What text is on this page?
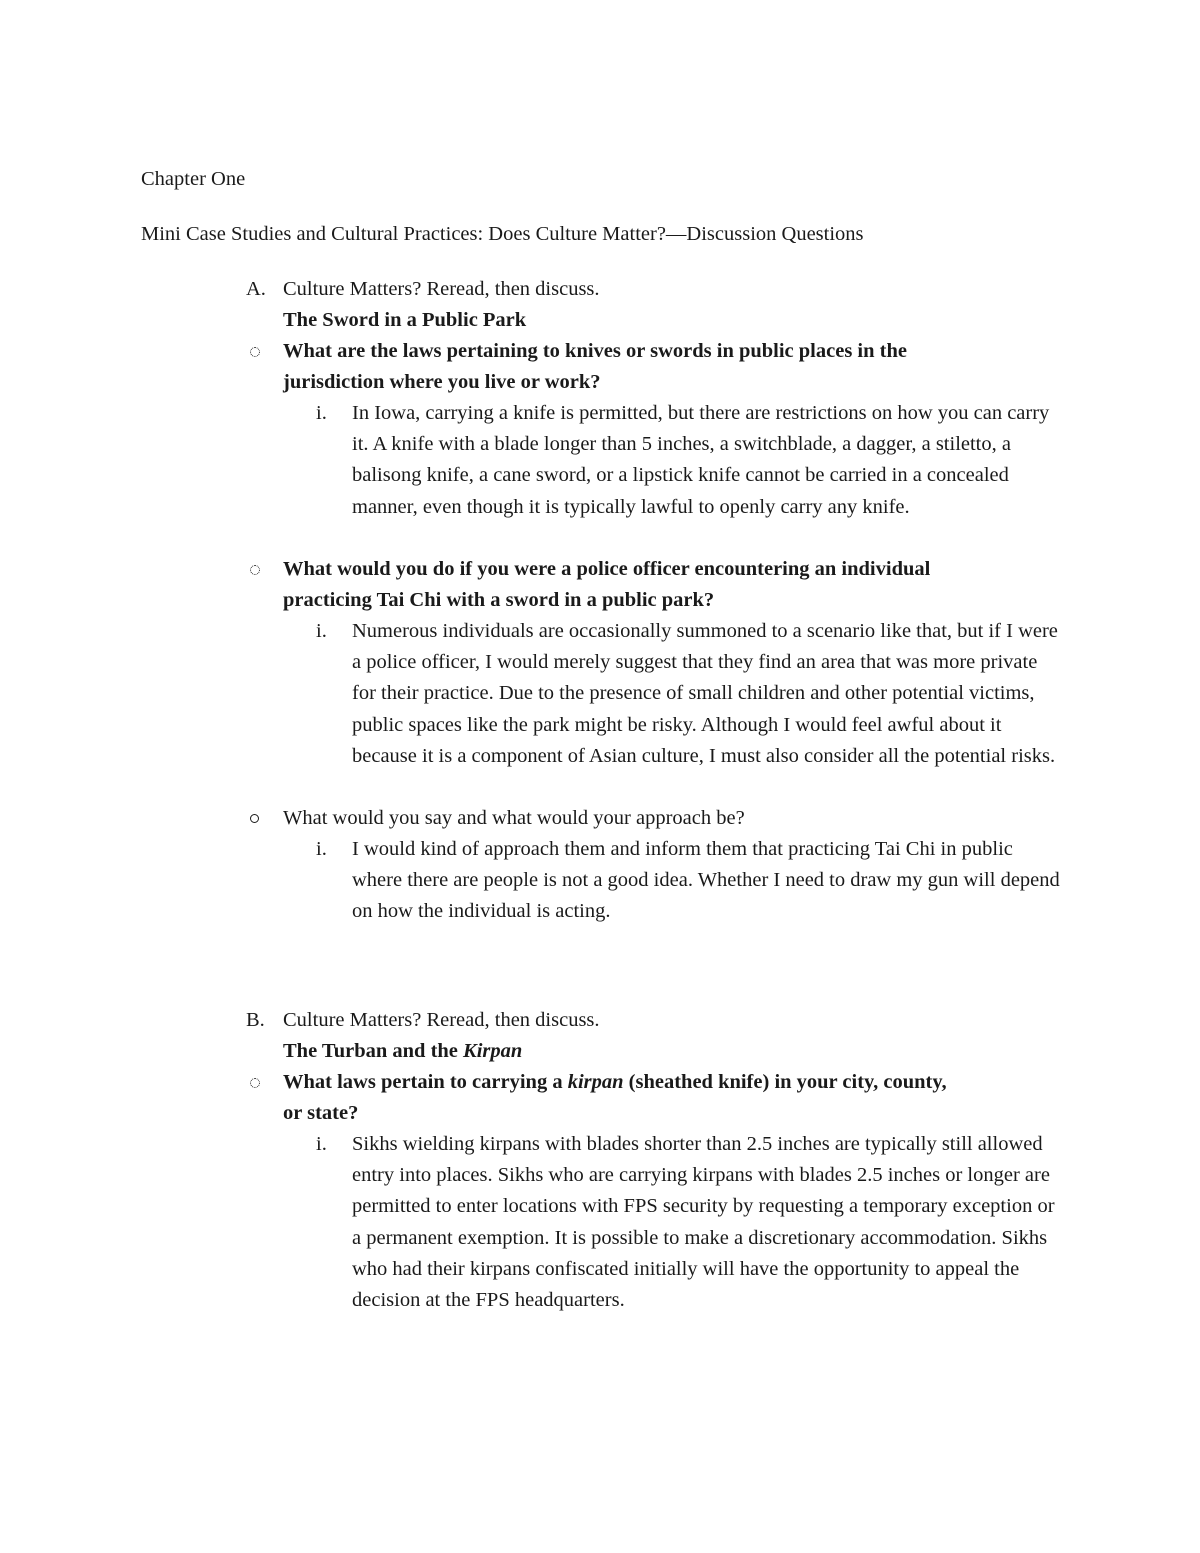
Chapter One
Mini Case Studies and Cultural Practices: Does Culture Matter?—Discussion Questions
A. Culture Matters? Reread, then discuss.
The Sword in a Public Park
What are the laws pertaining to knives or swords in public places in the
jurisdiction where you live or work?
i. In Iowa, carrying a knife is permitted, but there are restrictions on how you can carry it. A knife with a blade longer than 5 inches, a switchblade, a dagger, a stiletto, a balisong knife, a cane sword, or a lipstick knife cannot be carried in a concealed manner, even though it is typically lawful to openly carry any knife.
What would you do if you were a police officer encountering an individual
practicing Tai Chi with a sword in a public park?
i. Numerous individuals are occasionally summoned to a scenario like that, but if I were a police officer, I would merely suggest that they find an area that was more private for their practice. Due to the presence of small children and other potential victims, public spaces like the park might be risky. Although I would feel awful about it because it is a component of Asian culture, I must also consider all the potential risks.
What would you say and what would your approach be?
i. I would kind of approach them and inform them that practicing Tai Chi in public where there are people is not a good idea. Whether I need to draw my gun will depend on how the individual is acting.
B. Culture Matters? Reread, then discuss.
The Turban and the Kirpan
What laws pertain to carrying a kirpan (sheathed knife) in your city, county,
or state?
i. Sikhs wielding kirpans with blades shorter than 2.5 inches are typically still allowed entry into places. Sikhs who are carrying kirpans with blades 2.5 inches or longer are permitted to enter locations with FPS security by requesting a temporary exception or a permanent exemption. It is possible to make a discretionary accommodation. Sikhs who had their kirpans confiscated initially will have the opportunity to appeal the decision at the FPS headquarters.
